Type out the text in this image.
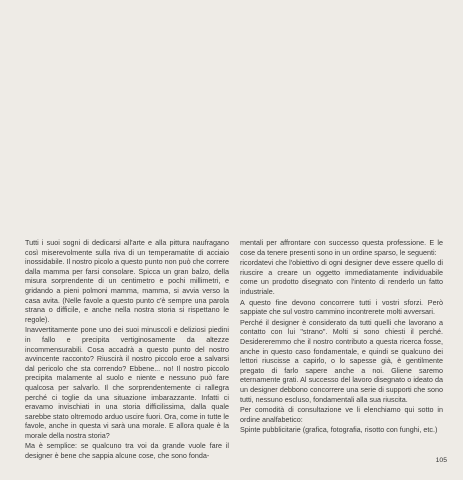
Tutti i suoi sogni di dedicarsi all'arte e alla pittura naufragano così miserevolmente sulla riva di un temperamatite di acciaio inossidabile. Il nostro picolo a questo punto non può che correre dalla mamma per farsi consolare. Spicca un gran balzo, della misura sorprendente di un centimetro e pochi millimetri, e gridando a pieni polmoni mamma, mamma, si avvia verso la casa avita. (Nelle favole a questo punto c'è sempre una parola strana o difficile, e anche nella nostra storia si rispettano le regole).

Inavvertitamente pone uno dei suoi minuscoli e deliziosi piedini in fallo e precipita vertiginosamente da altezze incommensurabili. Cosa accadrà a questo punto del nostro avvincente racconto? Riuscirà il nostro piccolo eroe a salvarsi dal pericolo che sta correndo? Ebbene... no! Il nostro piccolo precipita malamente al suolo e niente e nessuno può fare qualcosa per salvarlo. Il che sorprendentemente ci rallegra perché ci toglie da una situazione imbarazzante. Infatti ci eravamo invischiati in una storia difficilissima, dalla quale sarebbe stato oltremodo arduo uscire fuori. Ora, come in tutte le favole, anche in questa vi sarà una morale. E allora quale è la morale della nostra storia?

Ma è semplice: se qualcuno tra voi da grande vuole fare il designer è bene che sappia alcune cose, che sono fonda-

mentali per affrontare con successo questa professione. E le cose da tenere presenti sono in un ordine sparso, le seguenti:

ricordatevi che l'obiettivo di ogni designer deve essere quello di riuscire a creare un oggetto immediatamente individuabile come un prodotto disegnato con l'intento di renderlo un fatto industriale.

A questo fine devono concorrere tutti i vostri sforzi. Però sappiate che sul vostro cammino incontrerete molti avversari.

Perché il designer è considerato da tutti quelli che lavorano a contatto con lui "strano". Molti si sono chiesti il perché. Desidereremmo che il nostro contributo a questa ricerca fosse, anche in questo caso fondamentale, e quindi se qualcuno dei lettori riuscisse a capirlo, o lo sapesse già, è gentilmente pregato di farlo sapere anche a noi. Gliene saremo eternamente grati. Al successo del lavoro disegnato o ideato da un designer debbono concorrere una serie di supporti che sono tutti, nessuno escluso, fondamentali alla sua riuscita.

Per comodità di consultazione ve li elenchiamo qui sotto in ordine analfabetico:

Spinte pubblicitarie (grafica, fotografia, risotto con funghi, etc.)

105
